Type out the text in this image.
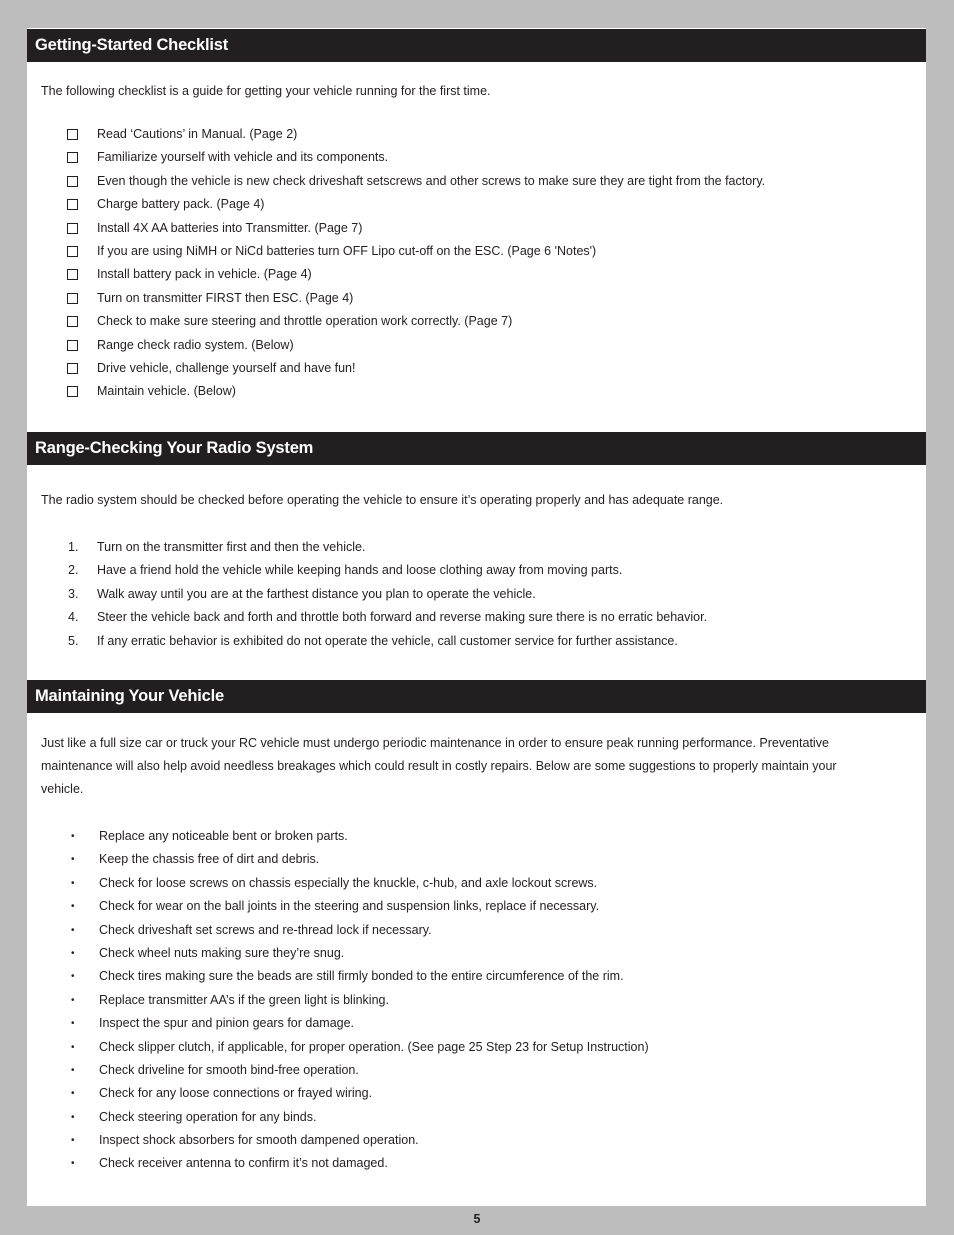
Getting-Started Checklist
The following checklist is a guide for getting your vehicle running for the first time.
Read ‘Cautions’ in Manual. (Page 2)
Familiarize yourself with vehicle and its components.
Even though the vehicle is new check driveshaft setscrews and other screws to make sure they are tight from the factory.
Charge battery pack. (Page 4)
Install 4X AA batteries into Transmitter. (Page 7)
If you are using NiMH or NiCd batteries turn OFF Lipo cut-off on the ESC. (Page 6 'Notes')
Install battery pack in vehicle. (Page 4)
Turn on transmitter FIRST then ESC. (Page 4)
Check to make sure steering and throttle operation work correctly. (Page 7)
Range check radio system. (Below)
Drive vehicle, challenge yourself and have fun!
Maintain vehicle. (Below)
Range-Checking Your Radio System
The radio system should be checked before operating the vehicle to ensure it’s operating properly and has adequate range.
1. Turn on the transmitter first and then the vehicle.
2. Have a friend hold the vehicle while keeping hands and loose clothing away from moving parts.
3. Walk away until you are at the farthest distance you plan to operate the vehicle.
4. Steer the vehicle back and forth and throttle both forward and reverse making sure there is no erratic behavior.
5. If any erratic behavior is exhibited do not operate the vehicle, call customer service for further assistance.
Maintaining Your Vehicle
Just like a full size car or truck your RC vehicle must undergo periodic maintenance in order to ensure peak running performance. Preventative maintenance will also help avoid needless breakages which could result in costly repairs. Below are some suggestions to properly maintain your vehicle.
• Replace any noticeable bent or broken parts.
• Keep the chassis free of dirt and debris.
• Check for loose screws on chassis especially the knuckle, c-hub, and axle lockout screws.
• Check for wear on the ball joints in the steering and suspension links, replace if necessary.
• Check driveshaft set screws and re-thread lock if necessary.
• Check wheel nuts making sure they’re snug.
• Check tires making sure the beads are still firmly bonded to the entire circumference of the rim.
• Replace transmitter AA’s if the green light is blinking.
• Inspect the spur and pinion gears for damage.
• Check slipper clutch, if applicable, for proper operation. (See page 25 Step 23 for Setup Instruction)
• Check driveline for smooth bind-free operation.
• Check for any loose connections or frayed wiring.
• Check steering operation for any binds.
• Inspect shock absorbers for smooth dampened operation.
• Check receiver antenna to confirm it’s not damaged.
5
